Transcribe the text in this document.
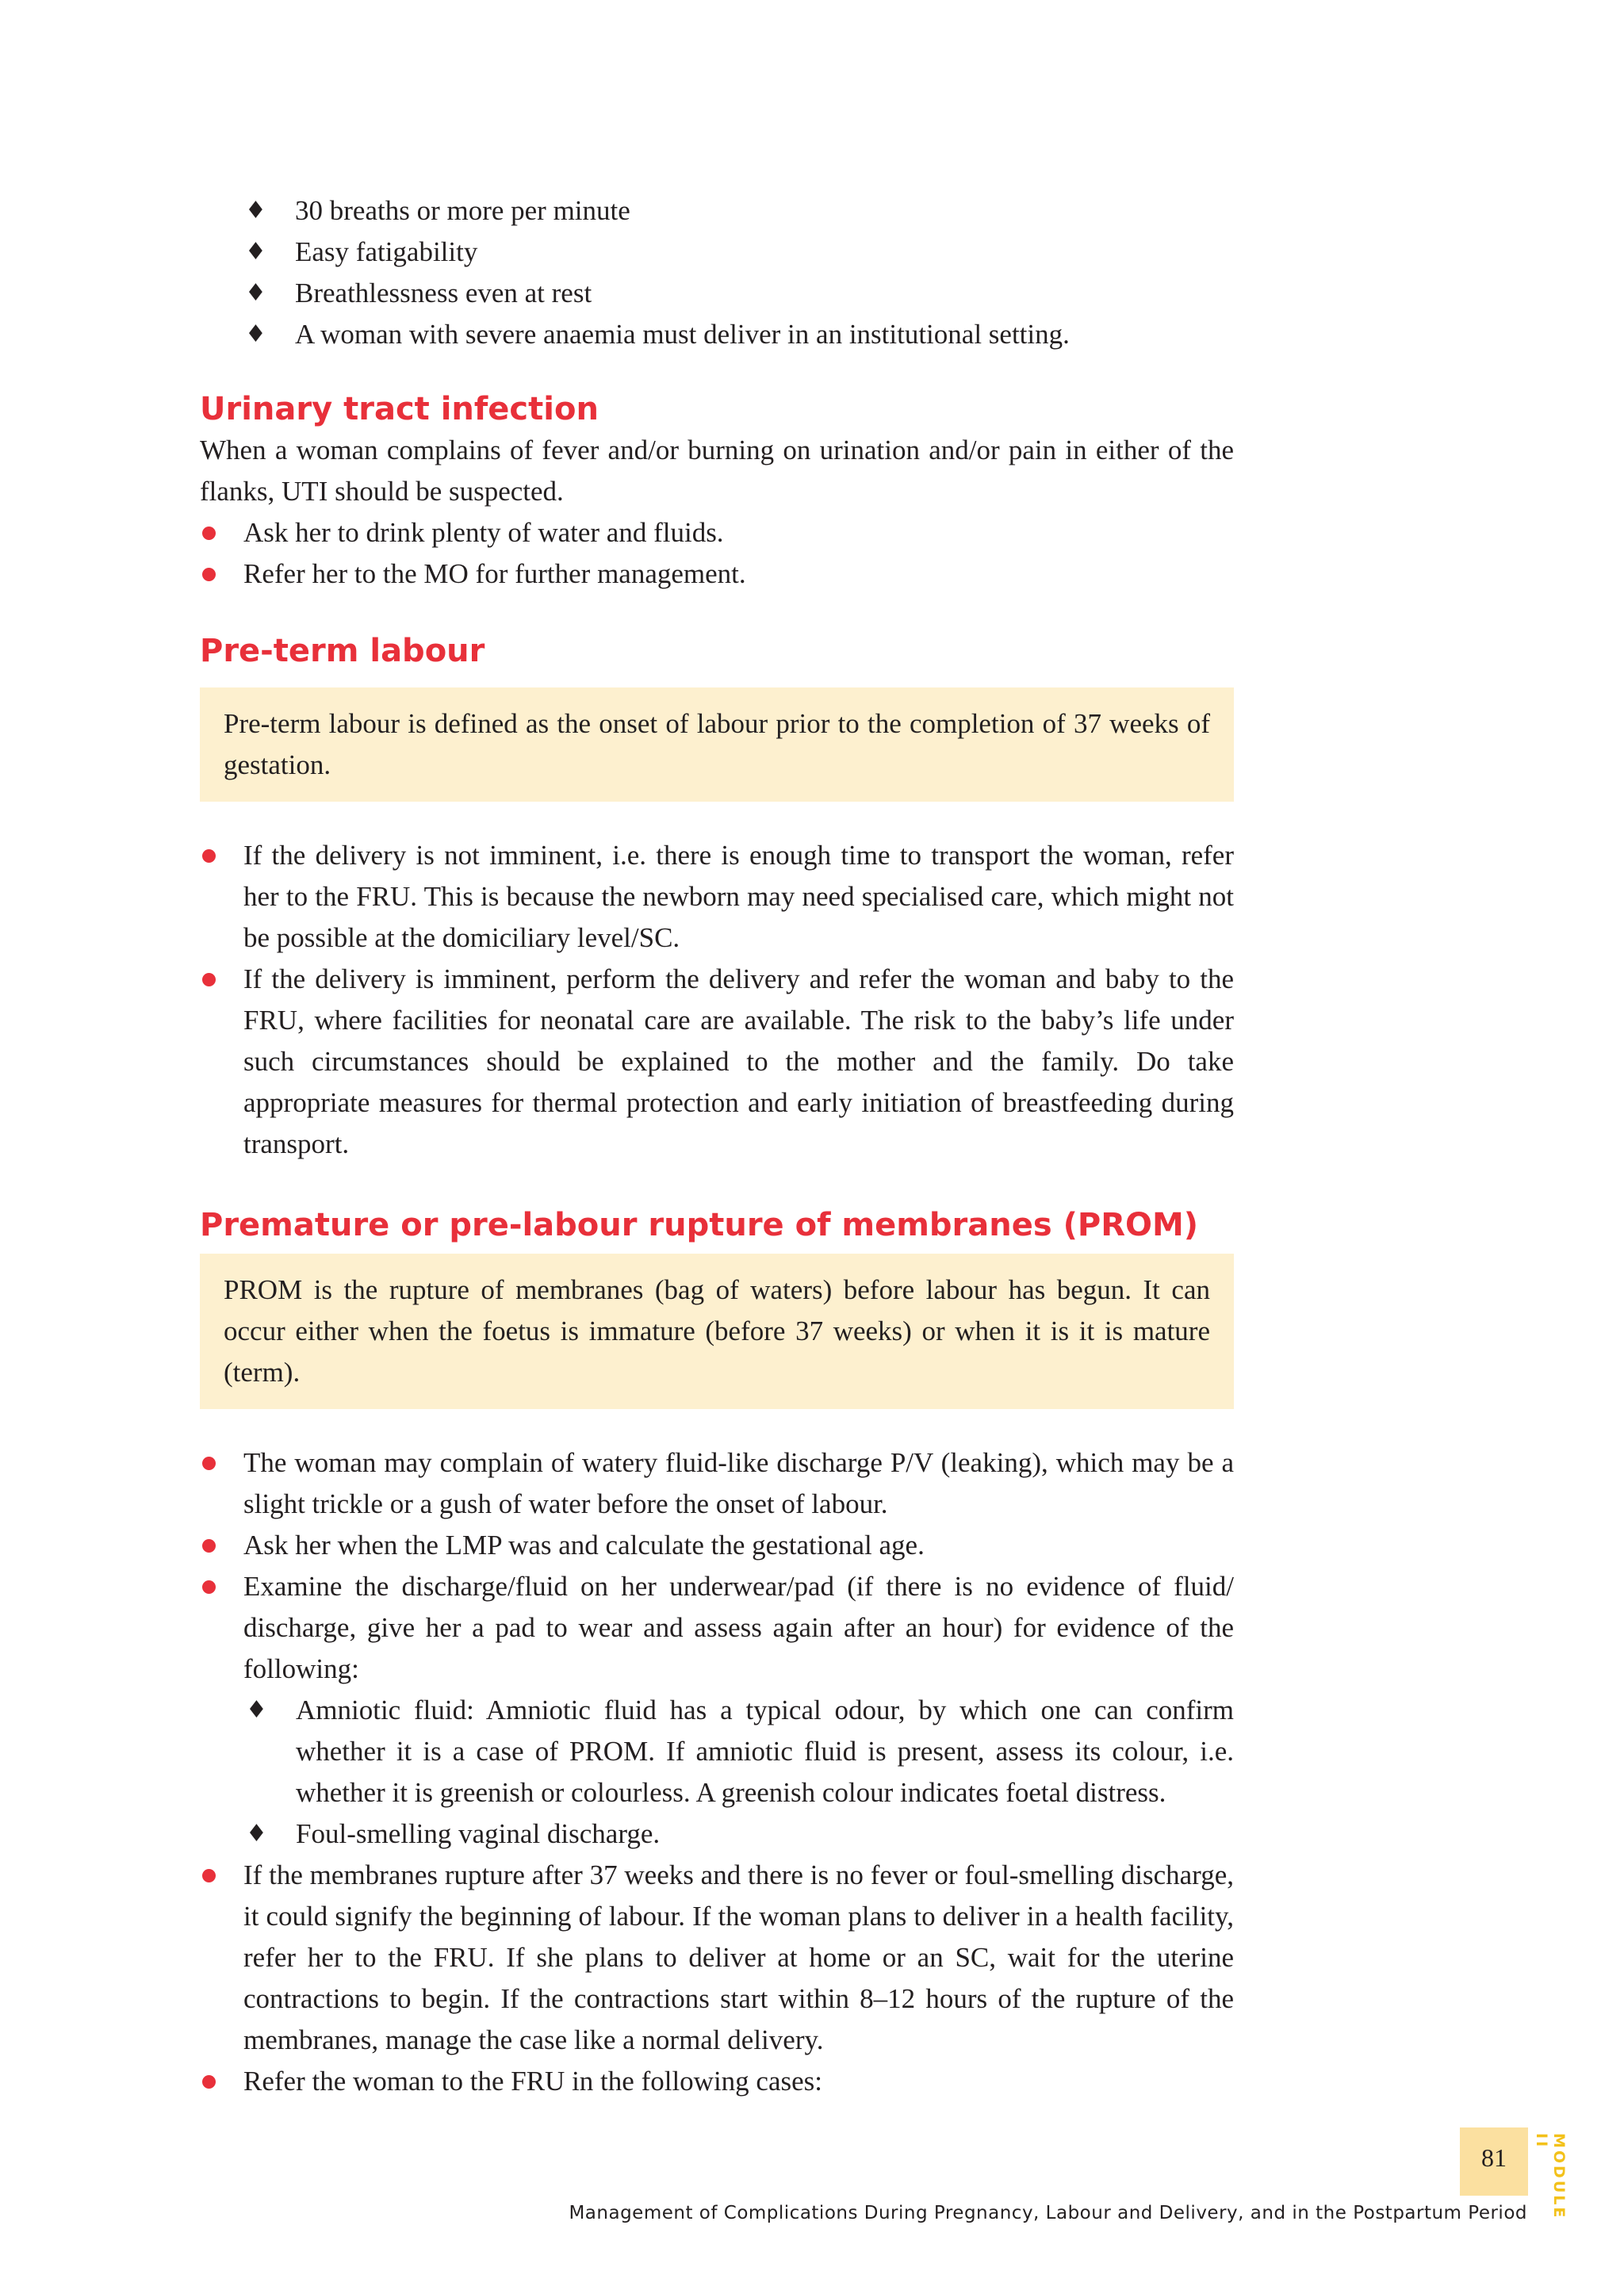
♦ 30 breaths or more per minute
♦ Easy fatigability
♦ Breathlessness even at rest
♦ A woman with severe anaemia must deliver in an institutional setting.
Urinary tract infection
When a woman complains of fever and/or burning on urination and/or pain in either of the flanks, UTI should be suspected.
Ask her to drink plenty of water and fluids.
Refer her to the MO for further management.
Pre-term labour
Pre-term labour is defined as the onset of labour prior to the completion of 37 weeks of gestation.
If the delivery is not imminent, i.e. there is enough time to transport the woman, refer her to the FRU. This is because the newborn may need specialised care, which might not be possible at the domiciliary level/SC.
If the delivery is imminent, perform the delivery and refer the woman and baby to the FRU, where facilities for neonatal care are available. The risk to the baby’s life under such circumstances should be explained to the mother and the family. Do take appropriate measures for thermal protection and early initiation of breastfeeding during transport.
Premature or pre-labour rupture of membranes (PROM)
PROM is the rupture of membranes (bag of waters) before labour has begun. It can occur either when the foetus is immature (before 37 weeks) or when it is it is mature (term).
The woman may complain of watery fluid-like discharge P/V (leaking), which may be a slight trickle or a gush of water before the onset of labour.
Ask her when the LMP was and calculate the gestational age.
Examine the discharge/fluid on her underwear/pad (if there is no evidence of fluid/ discharge, give her a pad to wear and assess again after an hour) for evidence of the following:
♦ Amniotic fluid: Amniotic fluid has a typical odour, by which one can confirm whether it is a case of PROM. If amniotic fluid is present, assess its colour, i.e. whether it is greenish or colourless. A greenish colour indicates foetal distress.
♦ Foul-smelling vaginal discharge.
If the membranes rupture after 37 weeks and there is no fever or foul-smelling discharge, it could signify the beginning of labour. If the woman plans to deliver in a health facility, refer her to the FRU. If she plans to deliver at home or an SC, wait for the uterine contractions to begin. If the contractions start within 8–12 hours of the rupture of the membranes, manage the case like a normal delivery.
Refer the woman to the FRU in the following cases:
81	MODULE II
Management of Complications During Pregnancy, Labour and Delivery, and in the Postpartum Period
